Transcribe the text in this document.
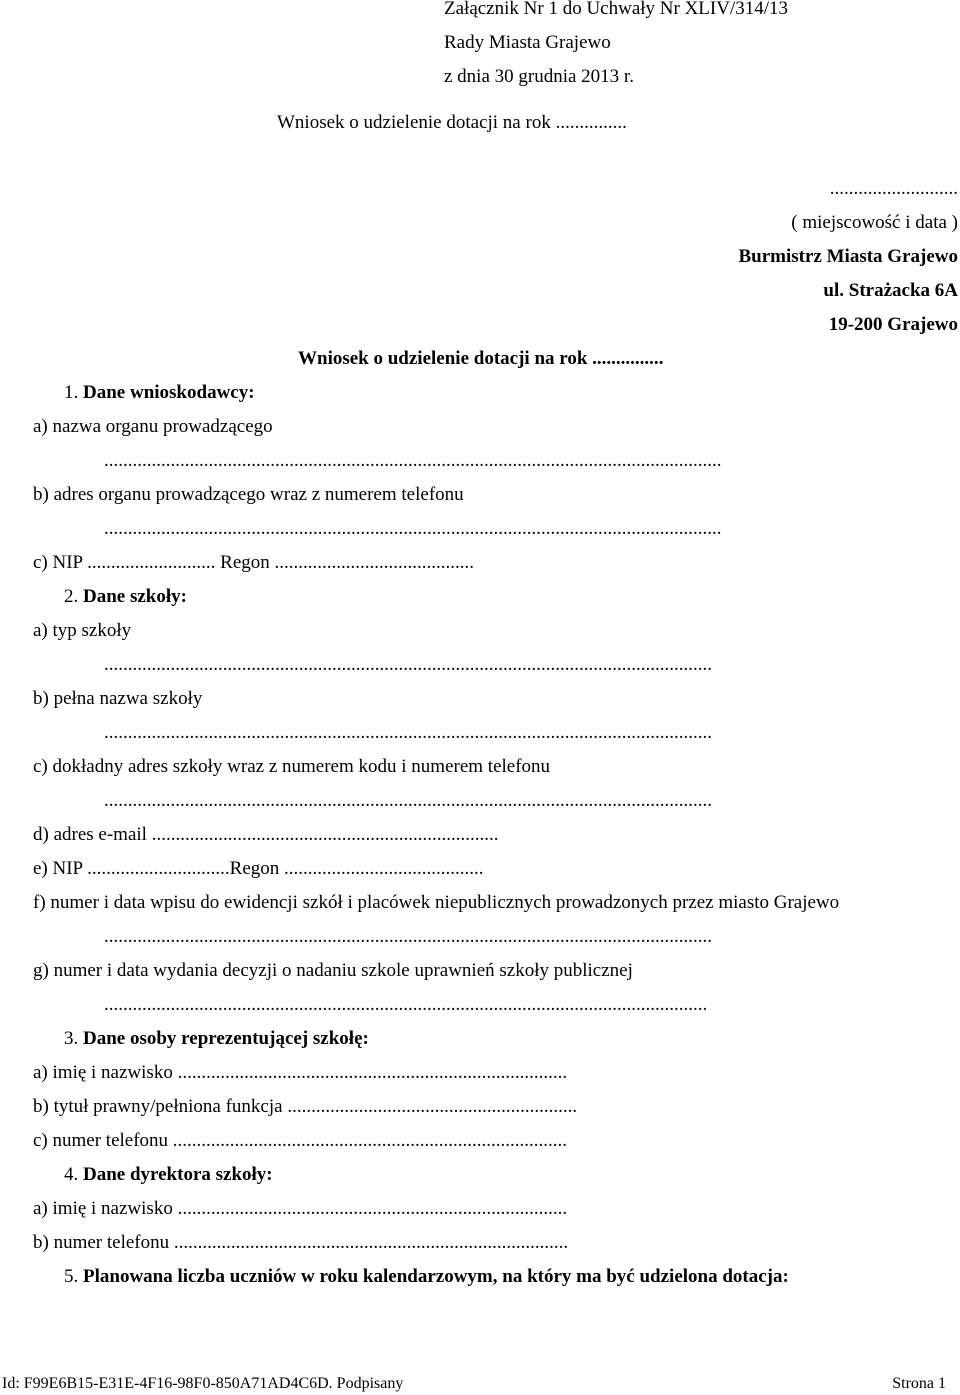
Załącznik Nr 1 do Uchwały Nr XLIV/314/13
Rady Miasta Grajewo
z dnia 30 grudnia 2013 r.
Wniosek o udzielenie dotacji na rok ...............
...........................
( miejscowość i data )
Burmistrz Miasta Grajewo
ul. Strażacka 6A
19-200 Grajewo
Wniosek o udzielenie dotacji na rok ...............
1. Dane wnioskodawcy:
a) nazwa organu prowadzącego
..................................................................................................................................
b) adres organu prowadzącego wraz z numerem telefonu
..................................................................................................................................
c) NIP ........................... Regon ..........................................
2. Dane szkoły:
a) typ szkoły
................................................................................................................................
b) pełna nazwa szkoły
................................................................................................................................
c) dokładny adres szkoły wraz z numerem kodu i numerem telefonu
................................................................................................................................
d) adres e-mail .........................................................................
e) NIP ..............................Regon ..........................................
f) numer i data wpisu do ewidencji szkół i placówek niepublicznych prowadzonych przez miasto Grajewo
................................................................................................................................
g) numer i data wydania decyzji o nadaniu szkole uprawnień szkoły publicznej
...............................................................................................................................
3. Dane osoby reprezentującej szkołę:
a) imię i nazwisko ..................................................................................
b) tytuł prawny/pełniona funkcja .............................................................
c) numer telefonu ...................................................................................
4. Dane dyrektora szkoły:
a) imię i nazwisko ..................................................................................
b) numer telefonu ...................................................................................
5. Planowana liczba uczniów w roku kalendarzowym, na który ma być udzielona dotacja:
Id: F99E6B15-E31E-4F16-98F0-850A71AD4C6D. Podpisany	Strona 1
